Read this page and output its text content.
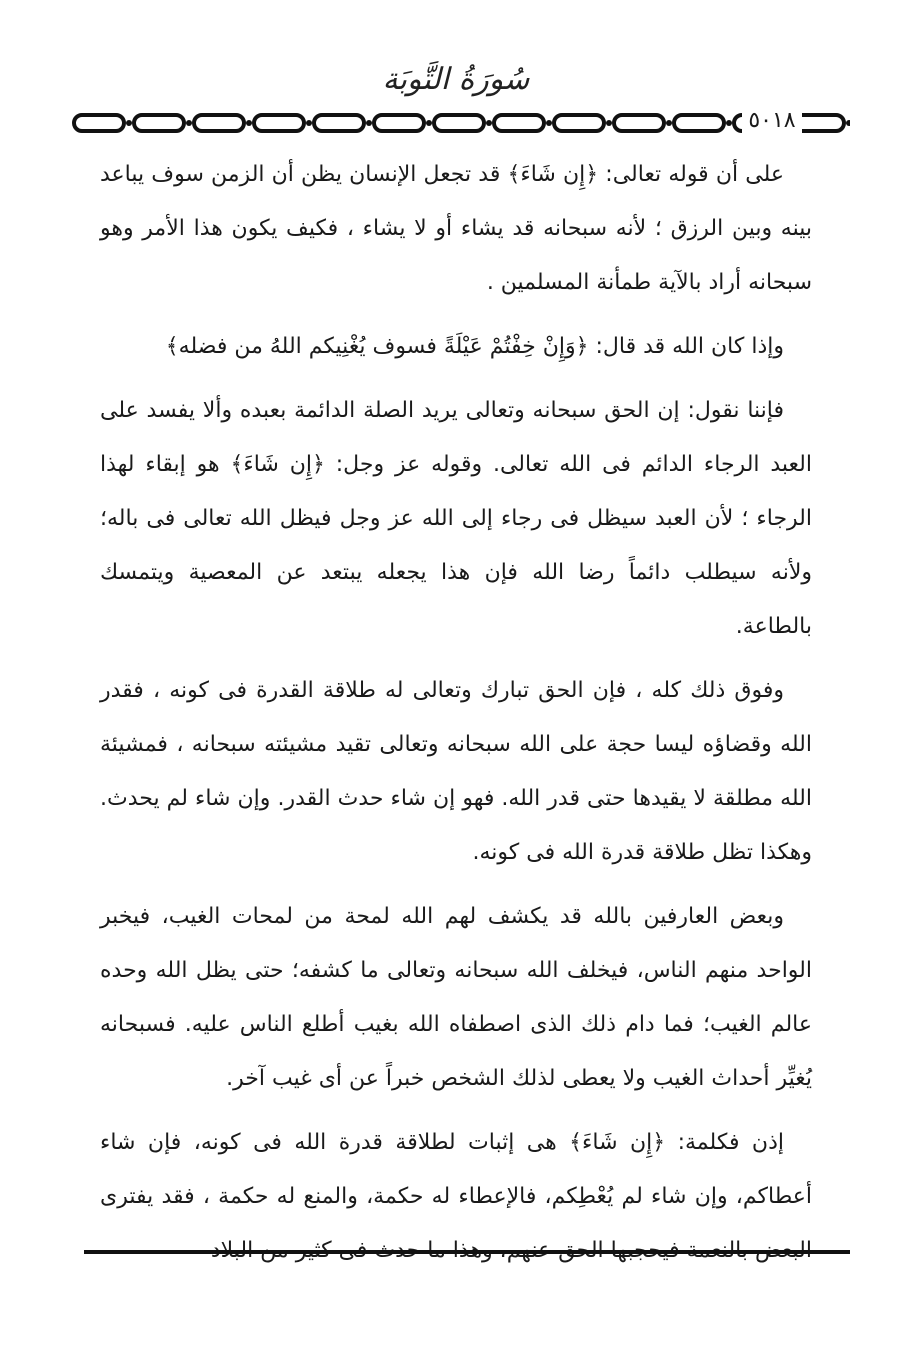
سُورَةُ التَّوبَة
٥٠١٨

على أن قوله تعالى: ﴿إِن شَاءَ﴾ قد تجعل الإنسان يظن أن الزمن سوف يباعد بينه وبين الرزق ؛ لأنه سبحانه قد يشاء أو لا يشاء ، فكيف يكون هذا الأمر وهو سبحانه أراد بالآية طمأنة المسلمين .

وإذا كان الله قد قال: ﴿وَإِنْ خِفْتُمْ عَيْلَةً فسوف يُغْنِيكم اللهُ من فضله﴾

فإننا نقول: إن الحق سبحانه وتعالى يريد الصلة الدائمة بعبده وألا يفسد على العبد الرجاء الدائم فى الله تعالى. وقوله عز وجل: ﴿إِن شَاءَ﴾ هو إبقاء لهذا الرجاء ؛ لأن العبد سيظل فى رجاء إلى الله عز وجل فيظل الله تعالى فى باله؛ ولأنه سيطلب دائماً رضا الله فإن هذا يجعله يبتعد عن المعصية ويتمسك بالطاعة.

وفوق ذلك كله ، فإن الحق تبارك وتعالى له طلاقة القدرة فى كونه ، فقدر الله وقضاؤه ليسا حجة على الله سبحانه وتعالى تقيد مشيئته سبحانه ، فمشيئة الله مطلقة لا يقيدها حتى قدر الله. فهو إن شاء حدث القدر. وإن شاء لم يحدث. وهكذا تظل طلاقة قدرة الله فى كونه.

وبعض العارفين بالله قد يكشف لهم الله لمحة من لمحات الغيب، فيخبر الواحد منهم الناس، فيخلف الله سبحانه وتعالى ما كشفه؛ حتى يظل الله وحده عالم الغيب؛ فما دام ذلك الذى اصطفاه الله بغيب أطلع الناس عليه. فسبحانه يُغيِّر أحداث الغيب ولا يعطى لذلك الشخص خبراً عن أى غيب آخر.

إذن فكلمة: ﴿إِن شَاءَ﴾ هى إثبات لطلاقة قدرة الله فى كونه، فإن شاء أعطاكم، وإن شاء لم يُعْطِكم، فالإعطاء له حكمة، والمنع له حكمة ، فقد يفترى
